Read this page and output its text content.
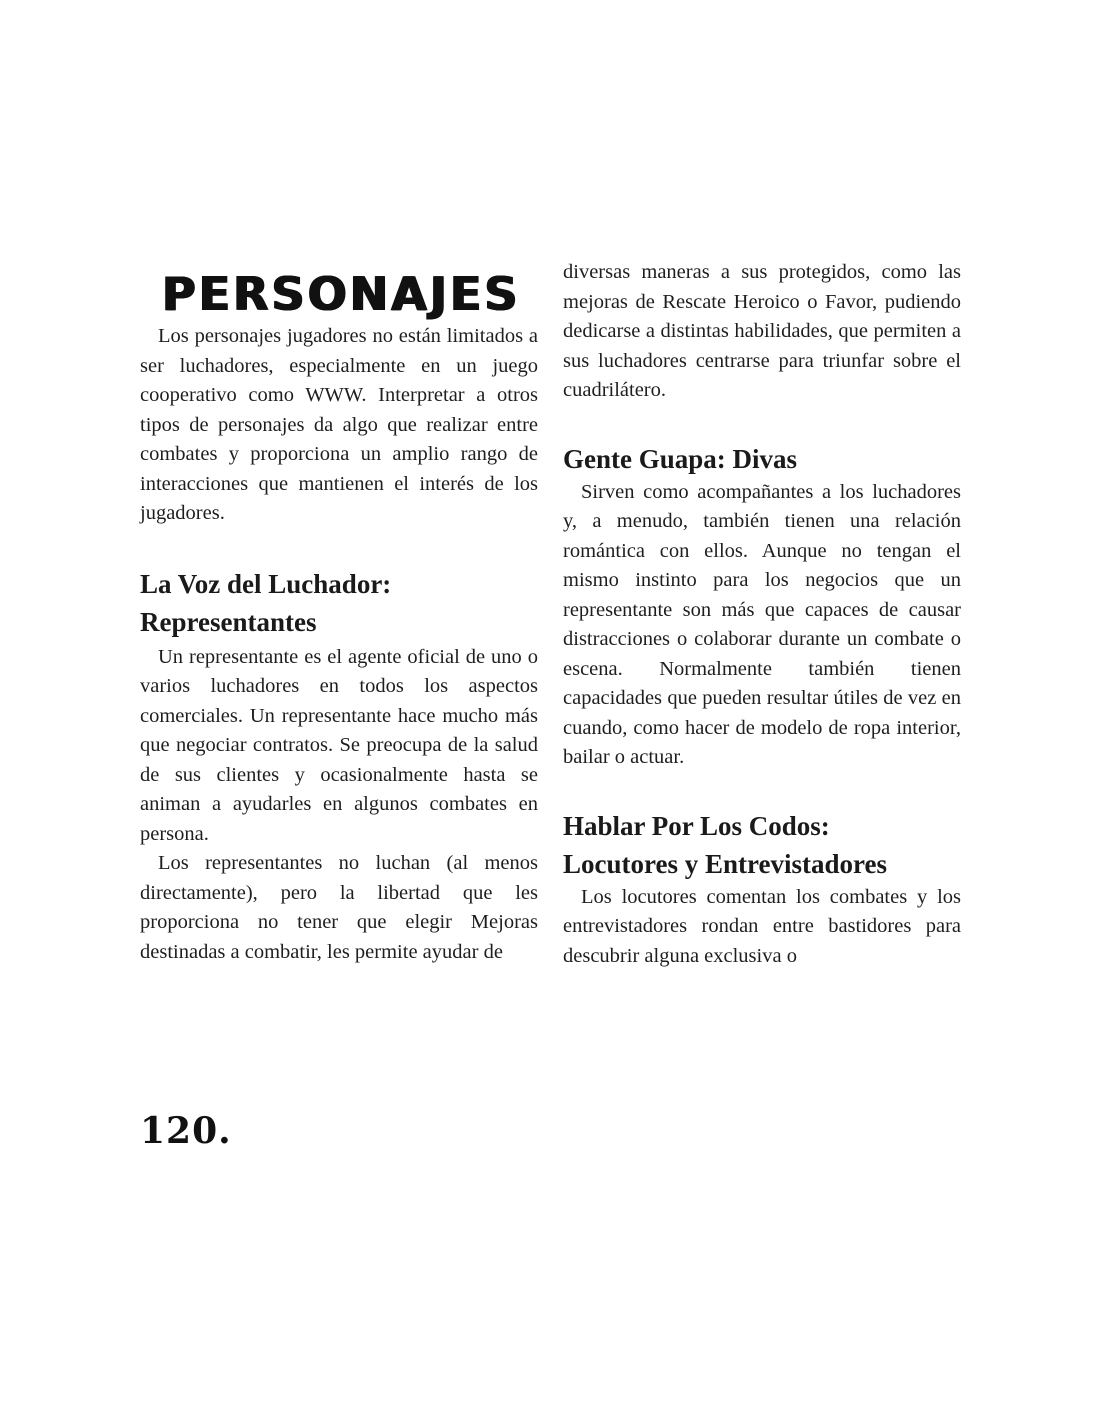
PERSONAJES

Los personajes jugadores no están limitados a ser luchadores, especialmente en un juego cooperativo como WWW. Interpretar a otros tipos de personajes da algo que realizar entre combates y proporciona un amplio rango de interacciones que mantienen el interés de los jugadores.

La Voz del Luchador:
Representantes

Un representante es el agente oficial de uno o varios luchadores en todos los aspectos comerciales. Un representante hace mucho más que negociar contratos. Se preocupa de la salud de sus clientes y ocasionalmente hasta se animan a ayudarles en algunos combates en persona.

Los representantes no luchan (al menos directamente), pero la libertad que les proporciona no tener que elegir Mejoras destinadas a combatir, les permite ayudar de

diversas maneras a sus protegidos, como las mejoras de Rescate Heroico o Favor, pudiendo dedicarse a distintas habilidades, que permiten a sus luchadores centrarse para triunfar sobre el cuadrilátero.

Gente Guapa: Divas

Sirven como acompañantes a los luchadores y, a menudo, también tienen una relación romántica con ellos. Aunque no tengan el mismo instinto para los negocios que un representante son más que capaces de causar distracciones o colaborar durante un combate o escena. Normalmente también tienen capacidades que pueden resultar útiles de vez en cuando, como hacer de modelo de ropa interior, bailar o actuar.

Hablar Por Los Codos:
Locutores y Entrevistadores

Los locutores comentan los combates y los entrevistadores rondan entre bastidores para descubrir alguna exclusiva o

120.
